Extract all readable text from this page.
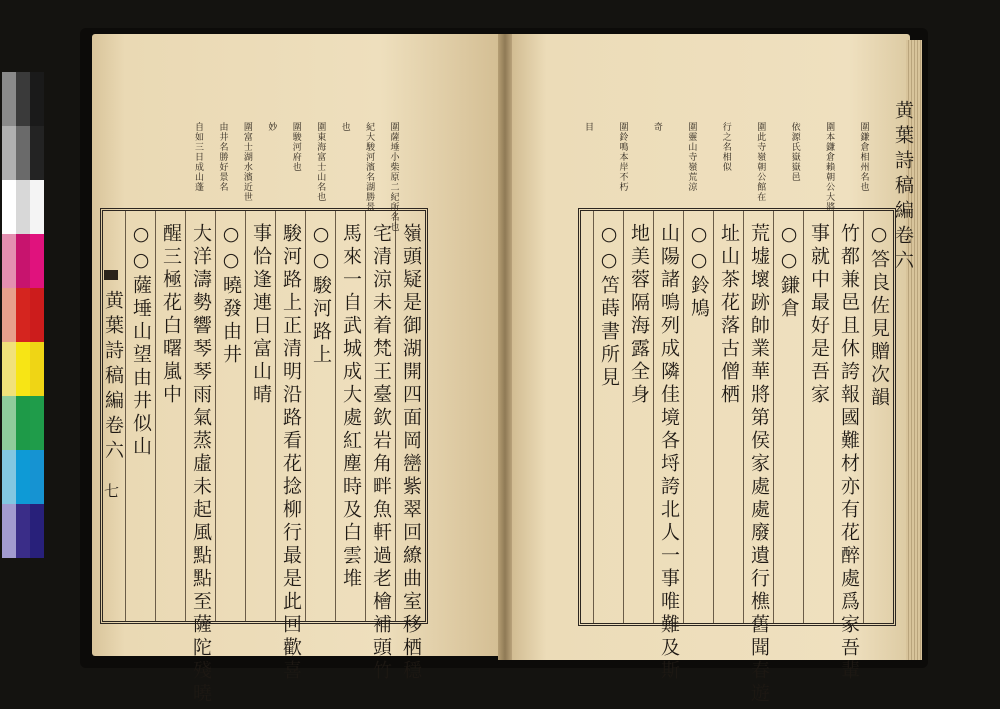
嶺頭疑是御湖開四面岡巒紫翠回繚曲室移栖穩
宅清涼未着梵王臺欽岩角畔魚軒過老檜補頭竹
馬來一自武城成大處紅塵時及白雲堆
○○駿河路上
駿河路上正清明沿路看花捻柳行最是此回歡喜
事恰逢連日富山晴
○○曉發由井
大洋濤勢響琴琴雨氣蒸虛未起風點點至薩陀殘曉
醒三極花白曙嵐中
○○薩埵山望由井似山
黄葉詩稿編卷六
七
○答良佐見贈次韻
竹都兼邑且休誇報國難材亦有花醉處爲家吾輩
事就中最好是吾家
○○鎌倉
荒墟壞跡帥業華將第侯家處處廢遺行樵舊聞春遊
址山茶花落古僧栖
○○鈴鳩
山陽諸鳴列成隣佳境各埒誇北人一事唯難及斯
地美蓉隔海露全身
○○笘蒔書所見
黄葉詩稿編卷六
圍薩埵小柴原二紀所名也
紀大駿河濱名湖勝景
也
圍東海富士山名也
圍駿河府也
妙
圍富士湖水濱近世
由井名勝好景名
自如三日成山蓬	圍鎌倉相州名也
圍本鎌倉賴朝公大將
依源氏嶽嶽邑
圍此寺嶺朝公館在
行之名相似
圍靈山寺嶺荒涼
奇
圍鈴鳴本岸不朽
目
